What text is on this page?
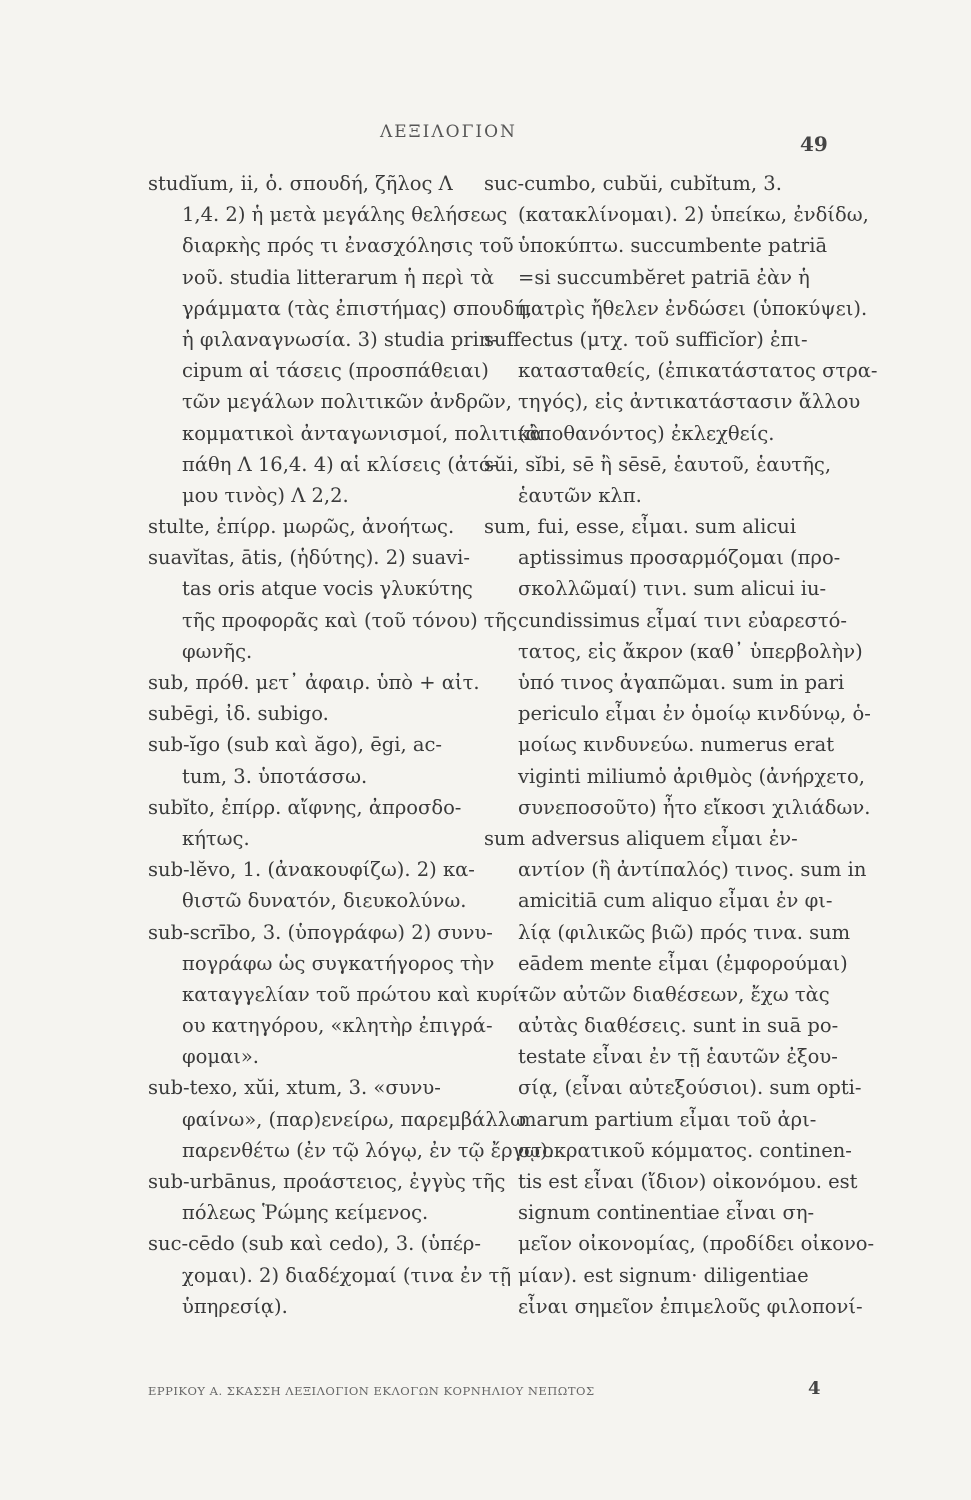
ΛΕΞΙΛΟΓΙΟΝ	49
studĭum, ii, ὁ. σπουδή, ζῆλος Λ
1,4. 2) ἡ μετὰ μεγάλης θελήσεως
διαρκὴς πρός τι ἐνασχόλησις τοῦ
νοῦ. studia litterarum ἡ περὶ τὰ
γράμματα (τὰς ἐπιστήμας) σπουδή,
ἡ φιλαναγνωσία. 3) studia prin-
cipum αἱ τάσεις (προσπάθειαι)
τῶν μεγάλων πολιτικῶν ἀνδρῶν,
κομματικοὶ ἀνταγωνισμοί, πολιτικὰ
πάθη Λ 16,4. 4) αἱ κλίσεις (ἀτό-
μου τινὸς) Λ 2,2.
stulte, ἐπίρρ. μωρῶς, ἀνοήτως.
suavĭtas, ātis, (ἡδύτης). 2) suavi-
tas oris atque vocis γλυκύτης
τῆς προφορᾶς καὶ (τοῦ τόνου) τῆς
φωνῆς.
sub, πρόθ. μετ᾽ ἀφαιρ. ὑπὸ + αἰτ.
subēgi, ἰδ. subigo.
sub-ĭgo (sub καὶ ăgo), ēgi, ac-
tum, 3. ὑποτάσσω.
subĭto, ἐπίρρ. αἴφνης, ἀπροσδο-
κήτως.
sub-lĕvo, 1. (ἀνακουφίζω). 2) κα-
θιστῶ δυνατόν, διευκολύνω.
sub-scrībo, 3. (ὑπογράφω) 2) συνυ-
πογράφω ὡς συγκατήγορος τὴν
καταγγελίαν τοῦ πρώτου καὶ κυρί-
ου κατηγόρου, «κλητὴρ ἐπιγρά-
φομαι».
sub-texo, xŭi, xtum, 3. «συνυ-
φαίνω», (παρ)ενείρω, παρεμβάλλω
παρενθέτω (ἐν τῷ λόγῳ, ἐν τῷ ἔργῳ).
sub-urbānus, προάστειος, ἐγγὺς τῆς
πόλεως Ῥώμης κείμενος.
suc-cēdo (sub καὶ cedo), 3. (ὑπέρ-
χομαι). 2) διαδέχομαί (τινα ἐν τῇ
ὑπηρεσίᾳ).
suc-cumbo, cubŭi, cubĭtum, 3.
(κατακλίνομαι). 2) ὑπείκω, ἐνδίδω,
ὑποκύπτω. succumbente patriā
=si succumbĕret patriā ἐὰν ἡ
πατρὶς ἤθελεν ἐνδώσει (ὑποκύψει).
suffectus (μτχ. τοῦ sufficĭor) ἐπι-
κατασταθείς, (ἐπικατάστατος στρα-
τηγός), εἰς ἀντικατάστασιν ἄλλου
(ἀποθανόντος) ἐκλεχθείς.
sŭi, sĭbi, sē ἢ sēsē, ἑαυτοῦ, ἑαυτῆς,
ἑαυτῶν κλπ.
sum, fui, esse, εἶμαι. sum alicui
aptissimus προσαρμόζομαι (προ-
σκολλῶμαί) τινι. sum alicui iu-
cundissimus εἶμαί τινι εὐαρεστό-
τατος, εἰς ἄκρον (καθ᾽ ὑπερβολὴν)
ὑπό τινος ἀγαπῶμαι. sum in pari
periculo εἶμαι ἐν ὁμοίῳ κινδύνῳ, ὁ-
μοίως κινδυνεύω. numerus erat
viginti miliumὁ ἀριθμὸς (ἀνήρχετο,
συνεποσοῦτο) ἦτο εἴκοσι χιλιάδων.
sum adversus aliquem εἶμαι ἐν-
αντίον (ἢ ἀντίπαλός) τινος. sum in
amicitiā cum aliquo εἶμαι ἐν φι-
λίᾳ (φιλικῶς βιῶ) πρός τινα. sum
eādem mente εἶμαι (ἐμφορούμαι)
τῶν αὐτῶν διαθέσεων, ἔχω τὰς
αὐτὰς διαθέσεις. sunt in suā po-
testate εἶναι ἐν τῇ ἑαυτῶν ἐξου-
σίᾳ, (εἶναι αὐτεξούσιοι). sum opti-
marum partium εἶμαι τοῦ ἀρι-
στοκρατικοῦ κόμματος. continen-
tis est εἶναι (ἴδιον) οἰκονόμου. est
signum continentiae εἶναι ση-
μεῖον οἰκονομίας, (προδίδει οἰκονο-
μίαν). est signum· diligentiae
εἶναι σημεῖον ἐπιμελοῦς φιλοπονί-
ΕΡΡΙΚΟΥ Α. ΣΚΑΣΣΗ ΛΕΞΙΛΟΓΙΟΝ ΕΚΛΟΓΩΝ ΚΟΡΝΗΛΙΟΥ ΝΕΠΩΤΟΣ	4
